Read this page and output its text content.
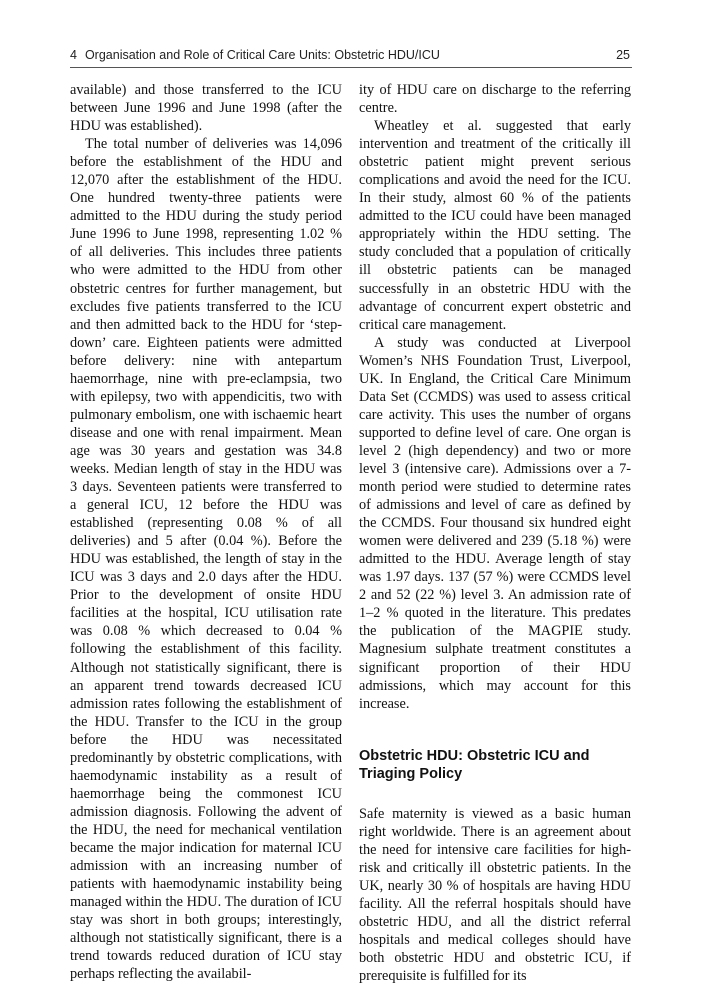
4 Organisation and Role of Critical Care Units: Obstetric HDU/ICU	25

available) and those transferred to the ICU between June 1996 and June 1998 (after the HDU was established).

The total number of deliveries was 14,096 before the establishment of the HDU and 12,070 after the establishment of the HDU. One hundred twenty-three patients were admitted to the HDU during the study period June 1996 to June 1998, representing 1.02 % of all deliveries. This includes three patients who were admitted to the HDU from other obstetric centres for further management, but excludes five patients transferred to the ICU and then admitted back to the HDU for ‘step-down’ care. Eighteen patients were admitted before delivery: nine with antepartum haemorrhage, nine with pre-eclampsia, two with epilepsy, two with appendicitis, two with pulmonary embolism, one with ischaemic heart disease and one with renal impairment. Mean age was 30 years and gestation was 34.8 weeks. Median length of stay in the HDU was 3 days. Seventeen patients were transferred to a general ICU, 12 before the HDU was established (representing 0.08 % of all deliveries) and 5 after (0.04 %). Before the HDU was established, the length of stay in the ICU was 3 days and 2.0 days after the HDU. Prior to the development of onsite HDU facilities at the hospital, ICU utilisation rate was 0.08 % which decreased to 0.04 % following the establishment of this facility. Although not statistically significant, there is an apparent trend towards decreased ICU admission rates following the establishment of the HDU. Transfer to the ICU in the group before the HDU was necessitated predominantly by obstetric complications, with haemodynamic instability as a result of haemorrhage being the commonest ICU admission diagnosis. Following the advent of the HDU, the need for mechanical ventilation became the major indication for maternal ICU admission with an increasing number of patients with haemodynamic instability being managed within the HDU. The duration of ICU stay was short in both groups; interestingly, although not statistically significant, there is a trend towards reduced duration of ICU stay perhaps reflecting the availabil-

ity of HDU care on discharge to the referring centre.

Wheatley et al. suggested that early intervention and treatment of the critically ill obstetric patient might prevent serious complications and avoid the need for the ICU. In their study, almost 60 % of the patients admitted to the ICU could have been managed appropriately within the HDU setting. The study concluded that a population of critically ill obstetric patients can be managed successfully in an obstetric HDU with the advantage of concurrent expert obstetric and critical care management.

A study was conducted at Liverpool Women’s NHS Foundation Trust, Liverpool, UK. In England, the Critical Care Minimum Data Set (CCMDS) was used to assess critical care activity. This uses the number of organs supported to define level of care. One organ is level 2 (high dependency) and two or more level 3 (intensive care). Admissions over a 7-month period were studied to determine rates of admissions and level of care as defined by the CCMDS. Four thousand six hundred eight women were delivered and 239 (5.18 %) were admitted to the HDU. Average length of stay was 1.97 days. 137 (57 %) were CCMDS level 2 and 52 (22 %) level 3. An admission rate of 1–2 % quoted in the literature. This predates the publication of the MAGPIE study. Magnesium sulphate treatment constitutes a significant proportion of their HDU admissions, which may account for this increase.

Obstetric HDU: Obstetric ICU and Triaging Policy

Safe maternity is viewed as a basic human right worldwide. There is an agreement about the need for intensive care facilities for high-risk and critically ill obstetric patients. In the UK, nearly 30 % of hospitals are having HDU facility. All the referral hospitals should have obstetric HDU, and all the district referral hospitals and medical colleges should have both obstetric HDU and obstetric ICU, if prerequisite is fulfilled for its
